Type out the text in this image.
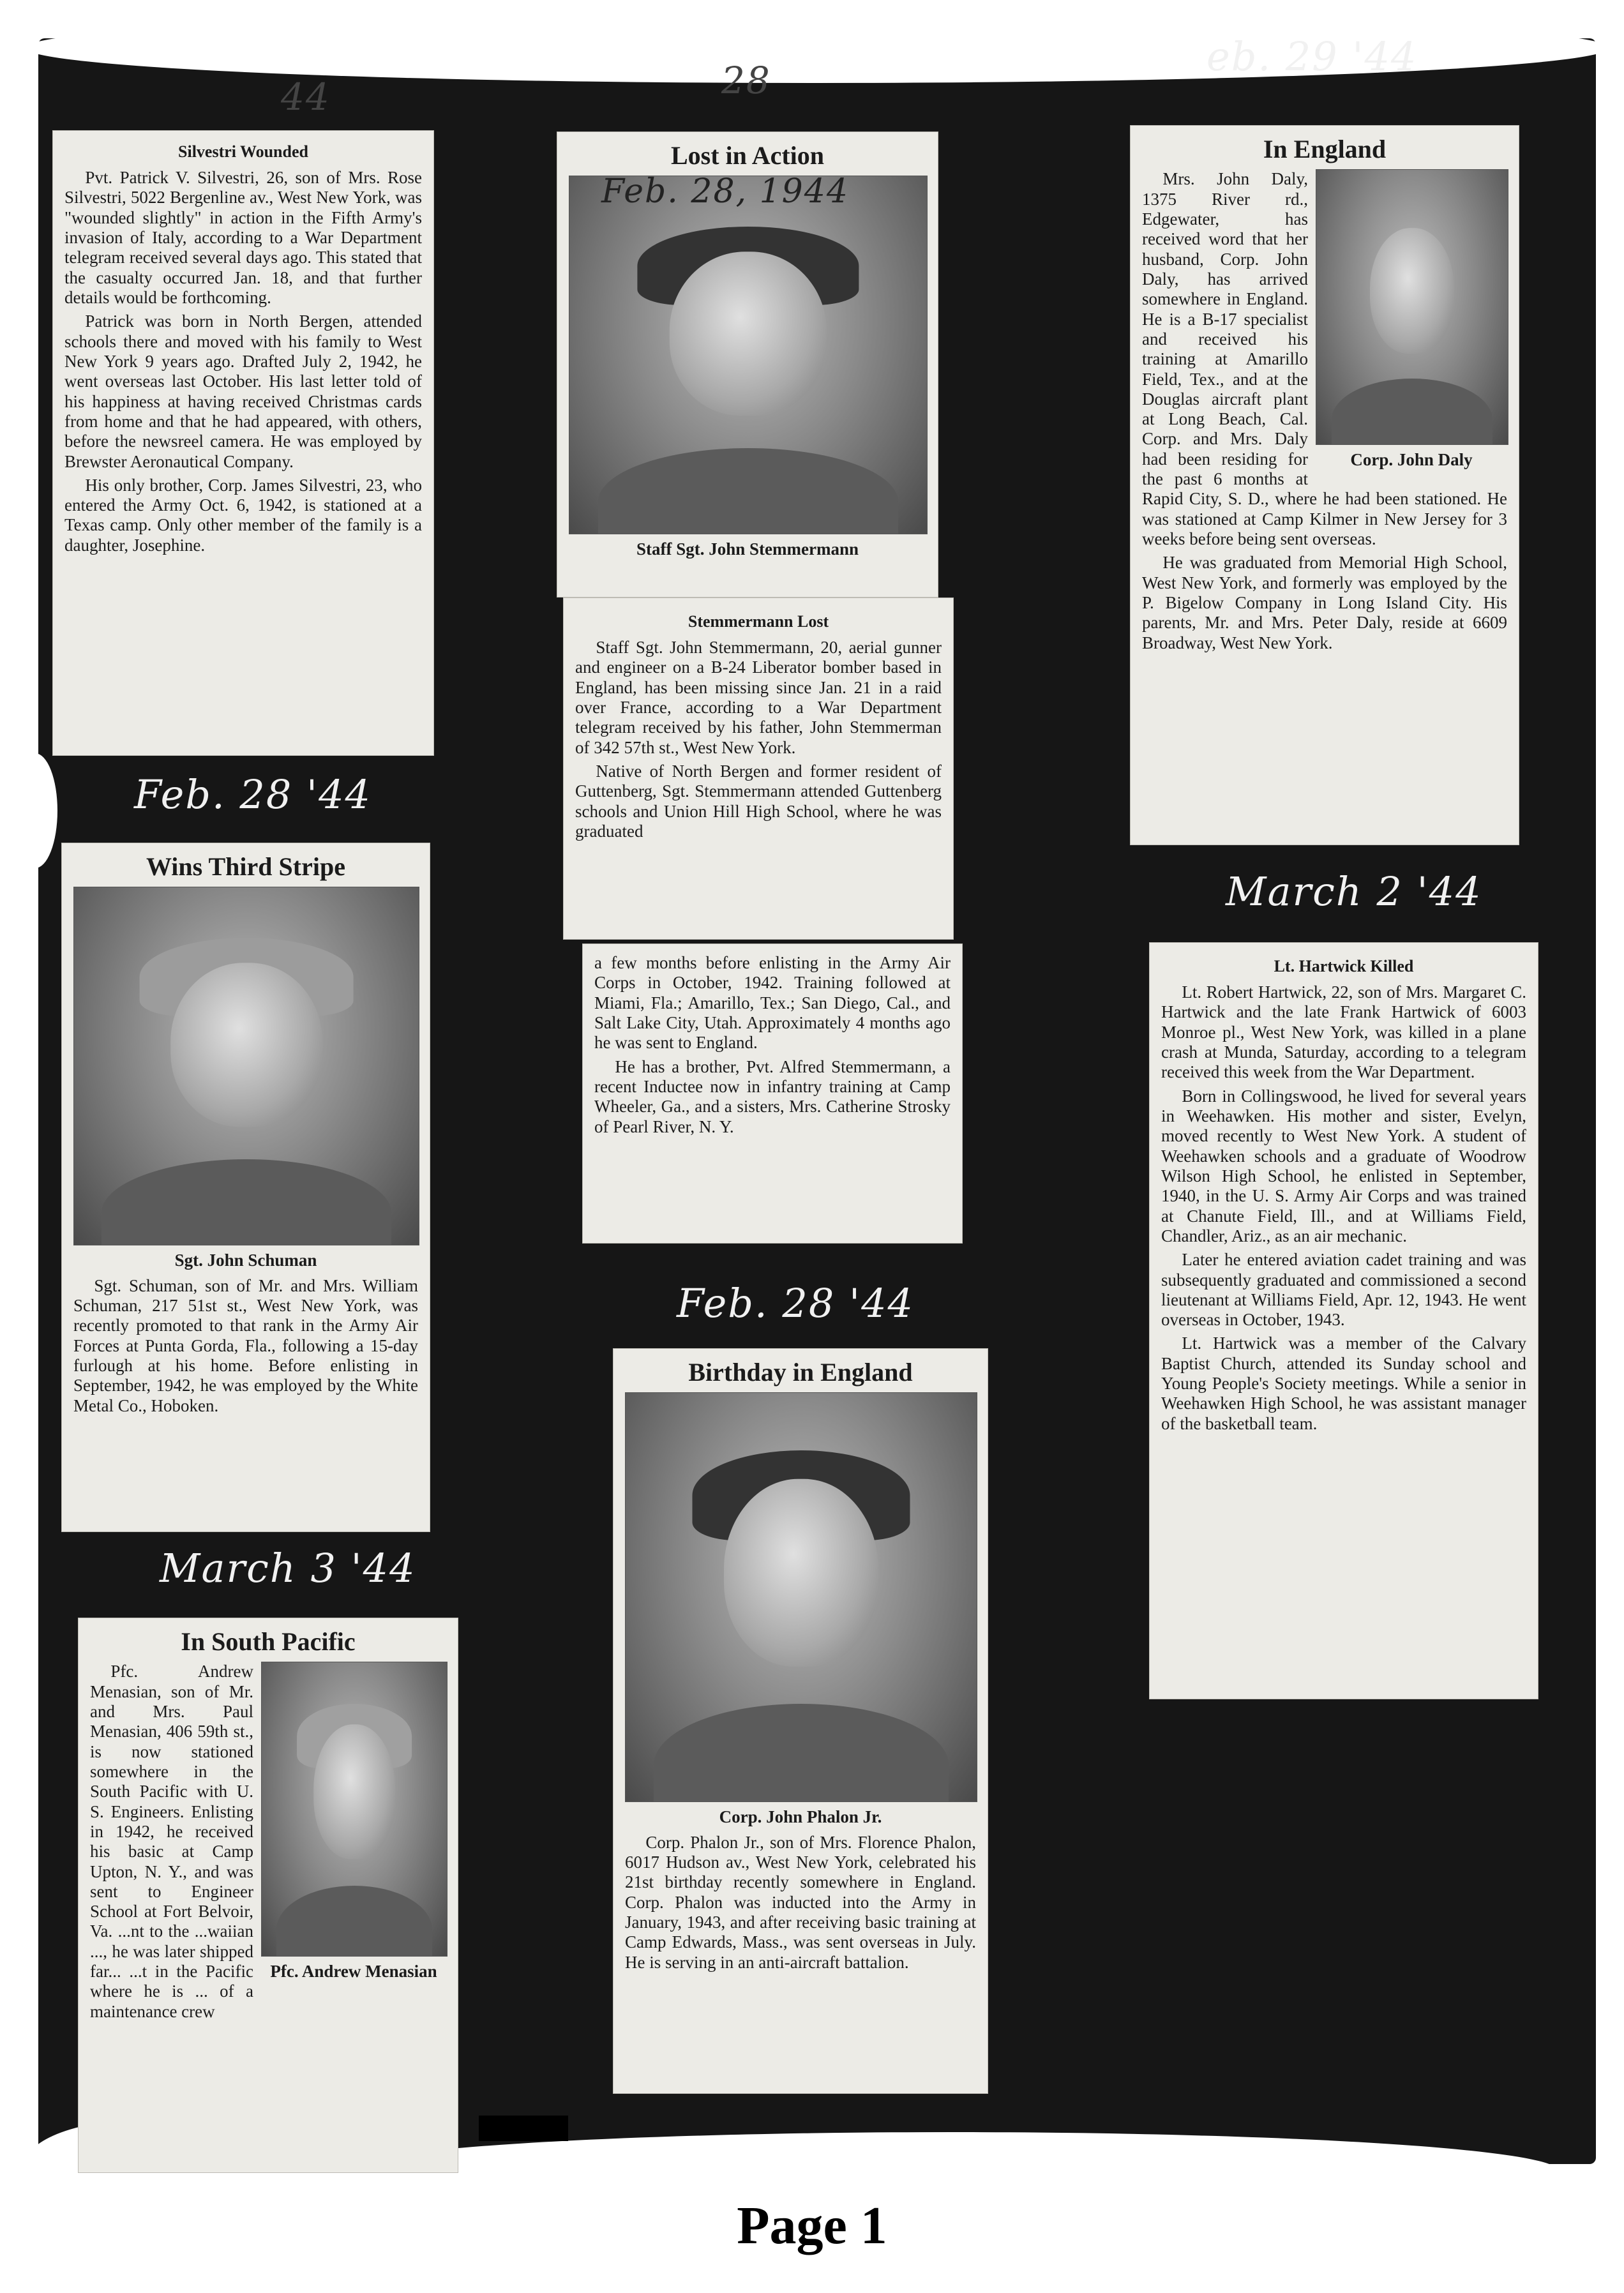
44	28
eb. 29 '44
Feb. 28 '44
March 3 '44
Feb. 28 '44
March 2 '44
Silvestri Wounded

Pvt. Patrick V. Silvestri, 26, son of Mrs. Rose Silvestri, 5022 Bergenline av., West New York, was "wounded slightly" in action in the Fifth Army's invasion of Italy, according to a War Department telegram received several days ago. This stated that the casualty occurred Jan. 18, and that further details would be forthcoming.

Patrick was born in North Bergen, attended schools there and moved with his family to West New York 9 years ago. Drafted July 2, 1942, he went overseas last October. His last letter told of his happiness at having received Christmas cards from home and that he had appeared, with others, before the newsreel camera. He was employed by Brewster Aeronautical Company.

His only brother, Corp. James Silvestri, 23, who entered the Army Oct. 6, 1942, is stationed at a Texas camp. Only other member of the family is a daughter, Josephine.

Lost in Action
Feb. 28, 1944
Staff Sgt. John Stemmermann
Stemmermann Lost

Staff Sgt. John Stemmermann, 20, aerial gunner and engineer on a B-24 Liberator bomber based in England, has been missing since Jan. 21 in a raid over France, according to a War Department telegram received by his father, John Stemmerman of 342 57th st., West New York.

Native of North Bergen and former resident of Guttenberg, Sgt. Stemmermann attended Guttenberg schools and Union Hill High School, where he was graduated

a few months before enlisting in the Army Air Corps in October, 1942. Training followed at Miami, Fla.; Amarillo, Tex.; San Diego, Cal., and Salt Lake City, Utah. Approximately 4 months ago he was sent to England.

He has a brother, Pvt. Alfred Stemmermann, a recent Inductee now in infantry training at Camp Wheeler, Ga., and a sisters, Mrs. Catherine Strosky of Pearl River, N. Y.

In England
Corp. John Daly

Mrs. John Daly, 1375 River rd., Edgewater, has received word that her husband, Corp. John Daly, has arrived somewhere in England. He is a B-17 specialist and received his training at Amarillo Field, Tex., and at the Douglas aircraft plant at Long Beach, Cal. Corp. and Mrs. Daly had been residing for the past 6 months at Rapid City, S. D., where he had been stationed. He was stationed at Camp Kilmer in New Jersey for 3 weeks before being sent overseas.

He was graduated from Memorial High School, West New York, and formerly was employed by the P. Bigelow Company in Long Island City. His parents, Mr. and Mrs. Peter Daly, reside at 6609 Broadway, West New York.

Wins Third Stripe
Sgt. John Schuman

Sgt. Schuman, son of Mr. and Mrs. William Schuman, 217 51st st., West New York, was recently promoted to that rank in the Army Air Forces at Punta Gorda, Fla., following a 15-day furlough at his home. Before enlisting in September, 1942, he was employed by the White Metal Co., Hoboken.

Birthday in England
Corp. John Phalon Jr.

Corp. Phalon Jr., son of Mrs. Florence Phalon, 6017 Hudson av., West New York, celebrated his 21st birthday recently somewhere in England. Corp. Phalon was inducted into the Army in January, 1943, and after receiving basic training at Camp Edwards, Mass., was sent overseas in July. He is serving in an anti-aircraft battalion.

Lt. Hartwick Killed

Lt. Robert Hartwick, 22, son of Mrs. Margaret C. Hartwick and the late Frank Hartwick of 6003 Monroe pl., West New York, was killed in a plane crash at Munda, Saturday, according to a telegram received this week from the War Department.

Born in Collingswood, he lived for several years in Weehawken. His mother and sister, Evelyn, moved recently to West New York. A student of Weehawken schools and a graduate of Woodrow Wilson High School, he enlisted in September, 1940, in the U. S. Army Air Corps and was trained at Chanute Field, Ill., and at Williams Field, Chandler, Ariz., as an air mechanic.

Later he entered aviation cadet training and was subsequently graduated and commissioned a second lieutenant at Williams Field, Apr. 12, 1943. He went overseas in October, 1943.

Lt. Hartwick was a member of the Calvary Baptist Church, attended its Sunday school and Young People's Society meetings. While a senior in Weehawken High School, he was assistant manager of the basketball team.

In South Pacific
Pfc. Andrew Menasian

Pfc. Andrew Menasian, son of Mr. and Mrs. Paul Menasian, 406 59th st., is now stationed somewhere in the South Pacific with U. S. Engineers. Enlisting in 1942, he received his basic at Camp Upton, N. Y., and was sent to Engineer School at Fort Belvoir, Va. ...nt to the ...waiian ..., he was later shipped far... ...t in the Pacific where he is ... of a maintenance crew

Page 1
